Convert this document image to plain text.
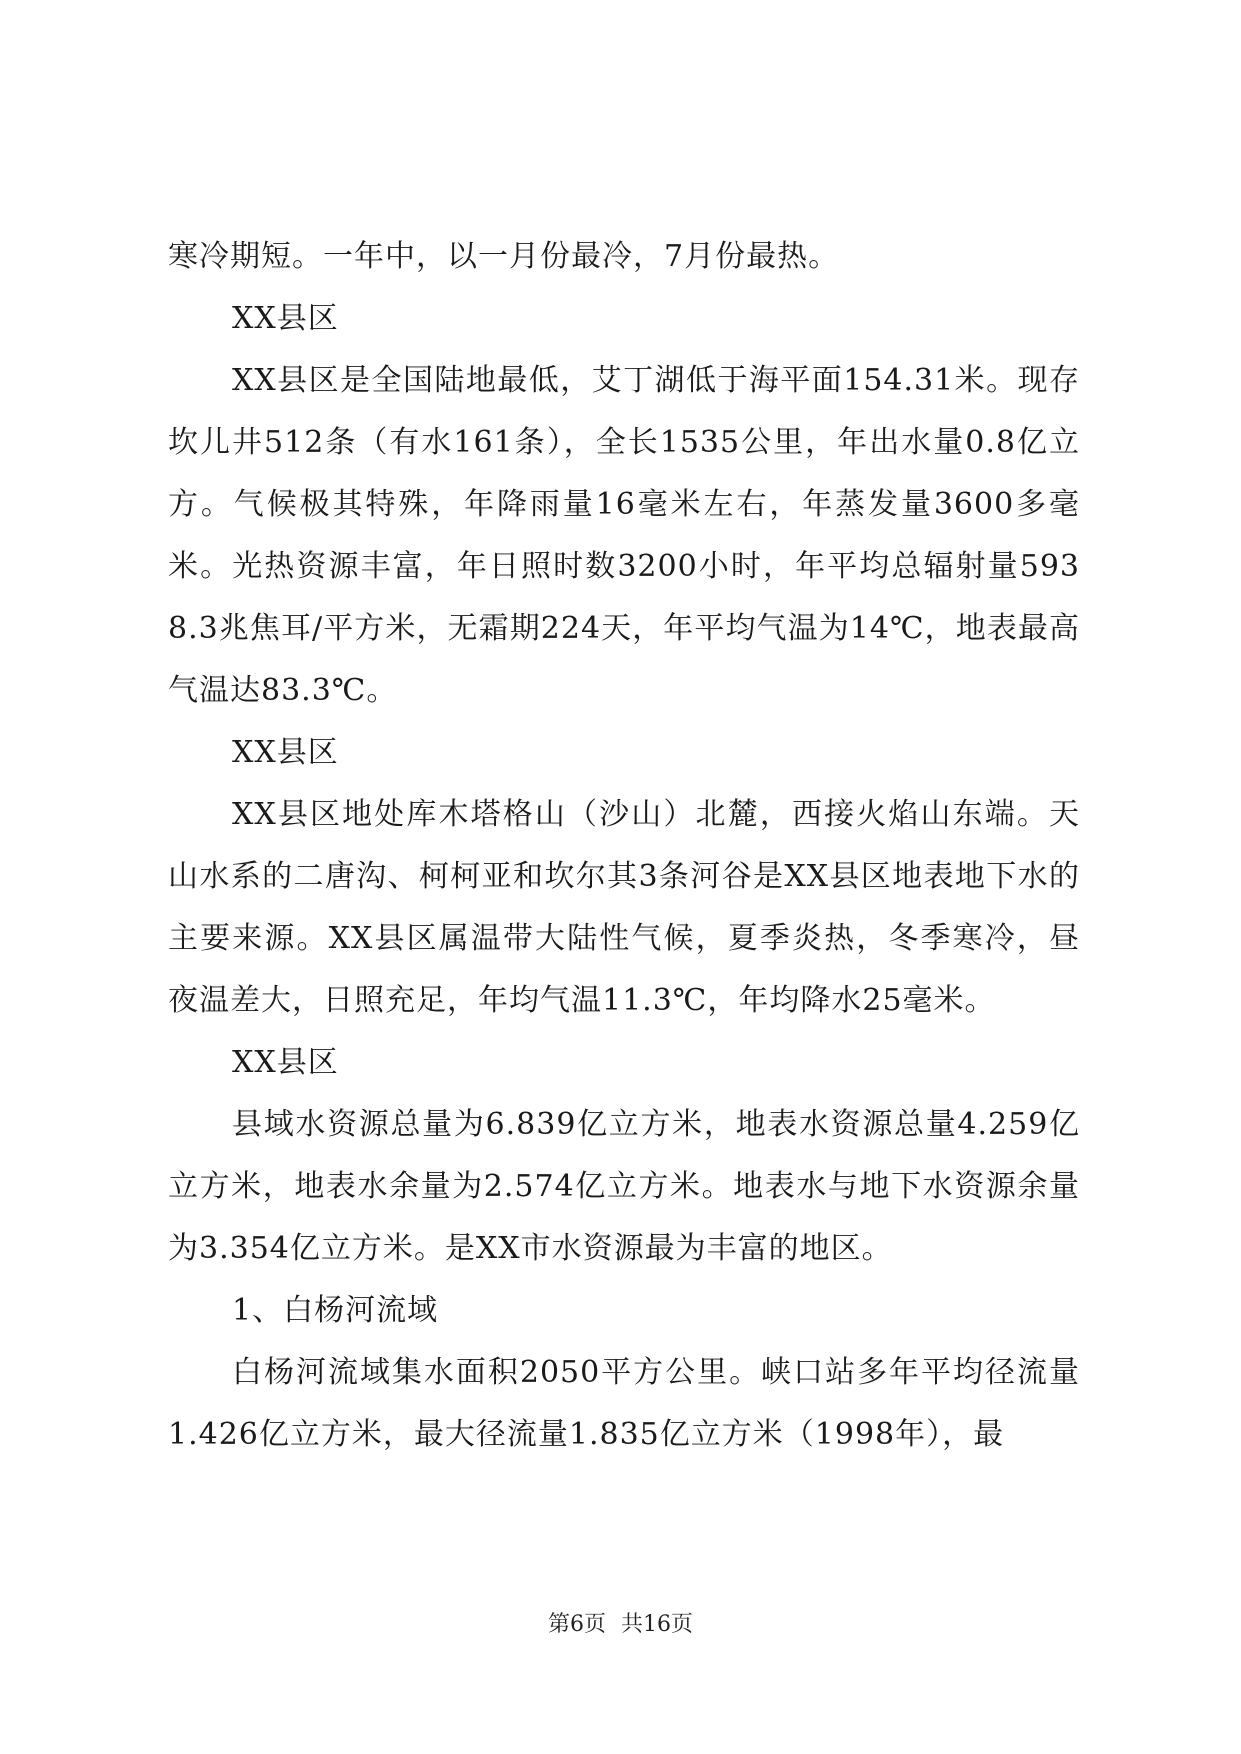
寒冷期短。一年中，以一月份最冷，7月份最热。

XX县区

XX县区是全国陆地最低，艾丁湖低于海平面154.31米。现存坎儿井512条（有水161条），全长1535公里，年出水量0.8亿立方。气候极其特殊，年降雨量16毫米左右，年蒸发量3600多毫米。光热资源丰富，年日照时数3200小时，年平均总辐射量5938.3兆焦耳/平方米，无霜期224天，年平均气温为14℃，地表最高气温达83.3℃。

XX县区

XX县区地处库木塔格山（沙山）北麓，西接火焰山东端。天山水系的二唐沟、柯柯亚和坎尔其3条河谷是XX县区地表地下水的主要来源。XX县区属温带大陆性气候，夏季炎热，冬季寒冷，昼夜温差大，日照充足，年均气温11.3℃，年均降水25毫米。

XX县区

县域水资源总量为6.839亿立方米，地表水资源总量4.259亿立方米，地表水余量为2.574亿立方米。地表水与地下水资源余量为3.354亿立方米。是XX市水资源最为丰富的地区。

1、白杨河流域

白杨河流域集水面积2050平方公里。峡口站多年平均径流量1.426亿立方米，最大径流量1.835亿立方米（1998年），最

第6页 共16页
